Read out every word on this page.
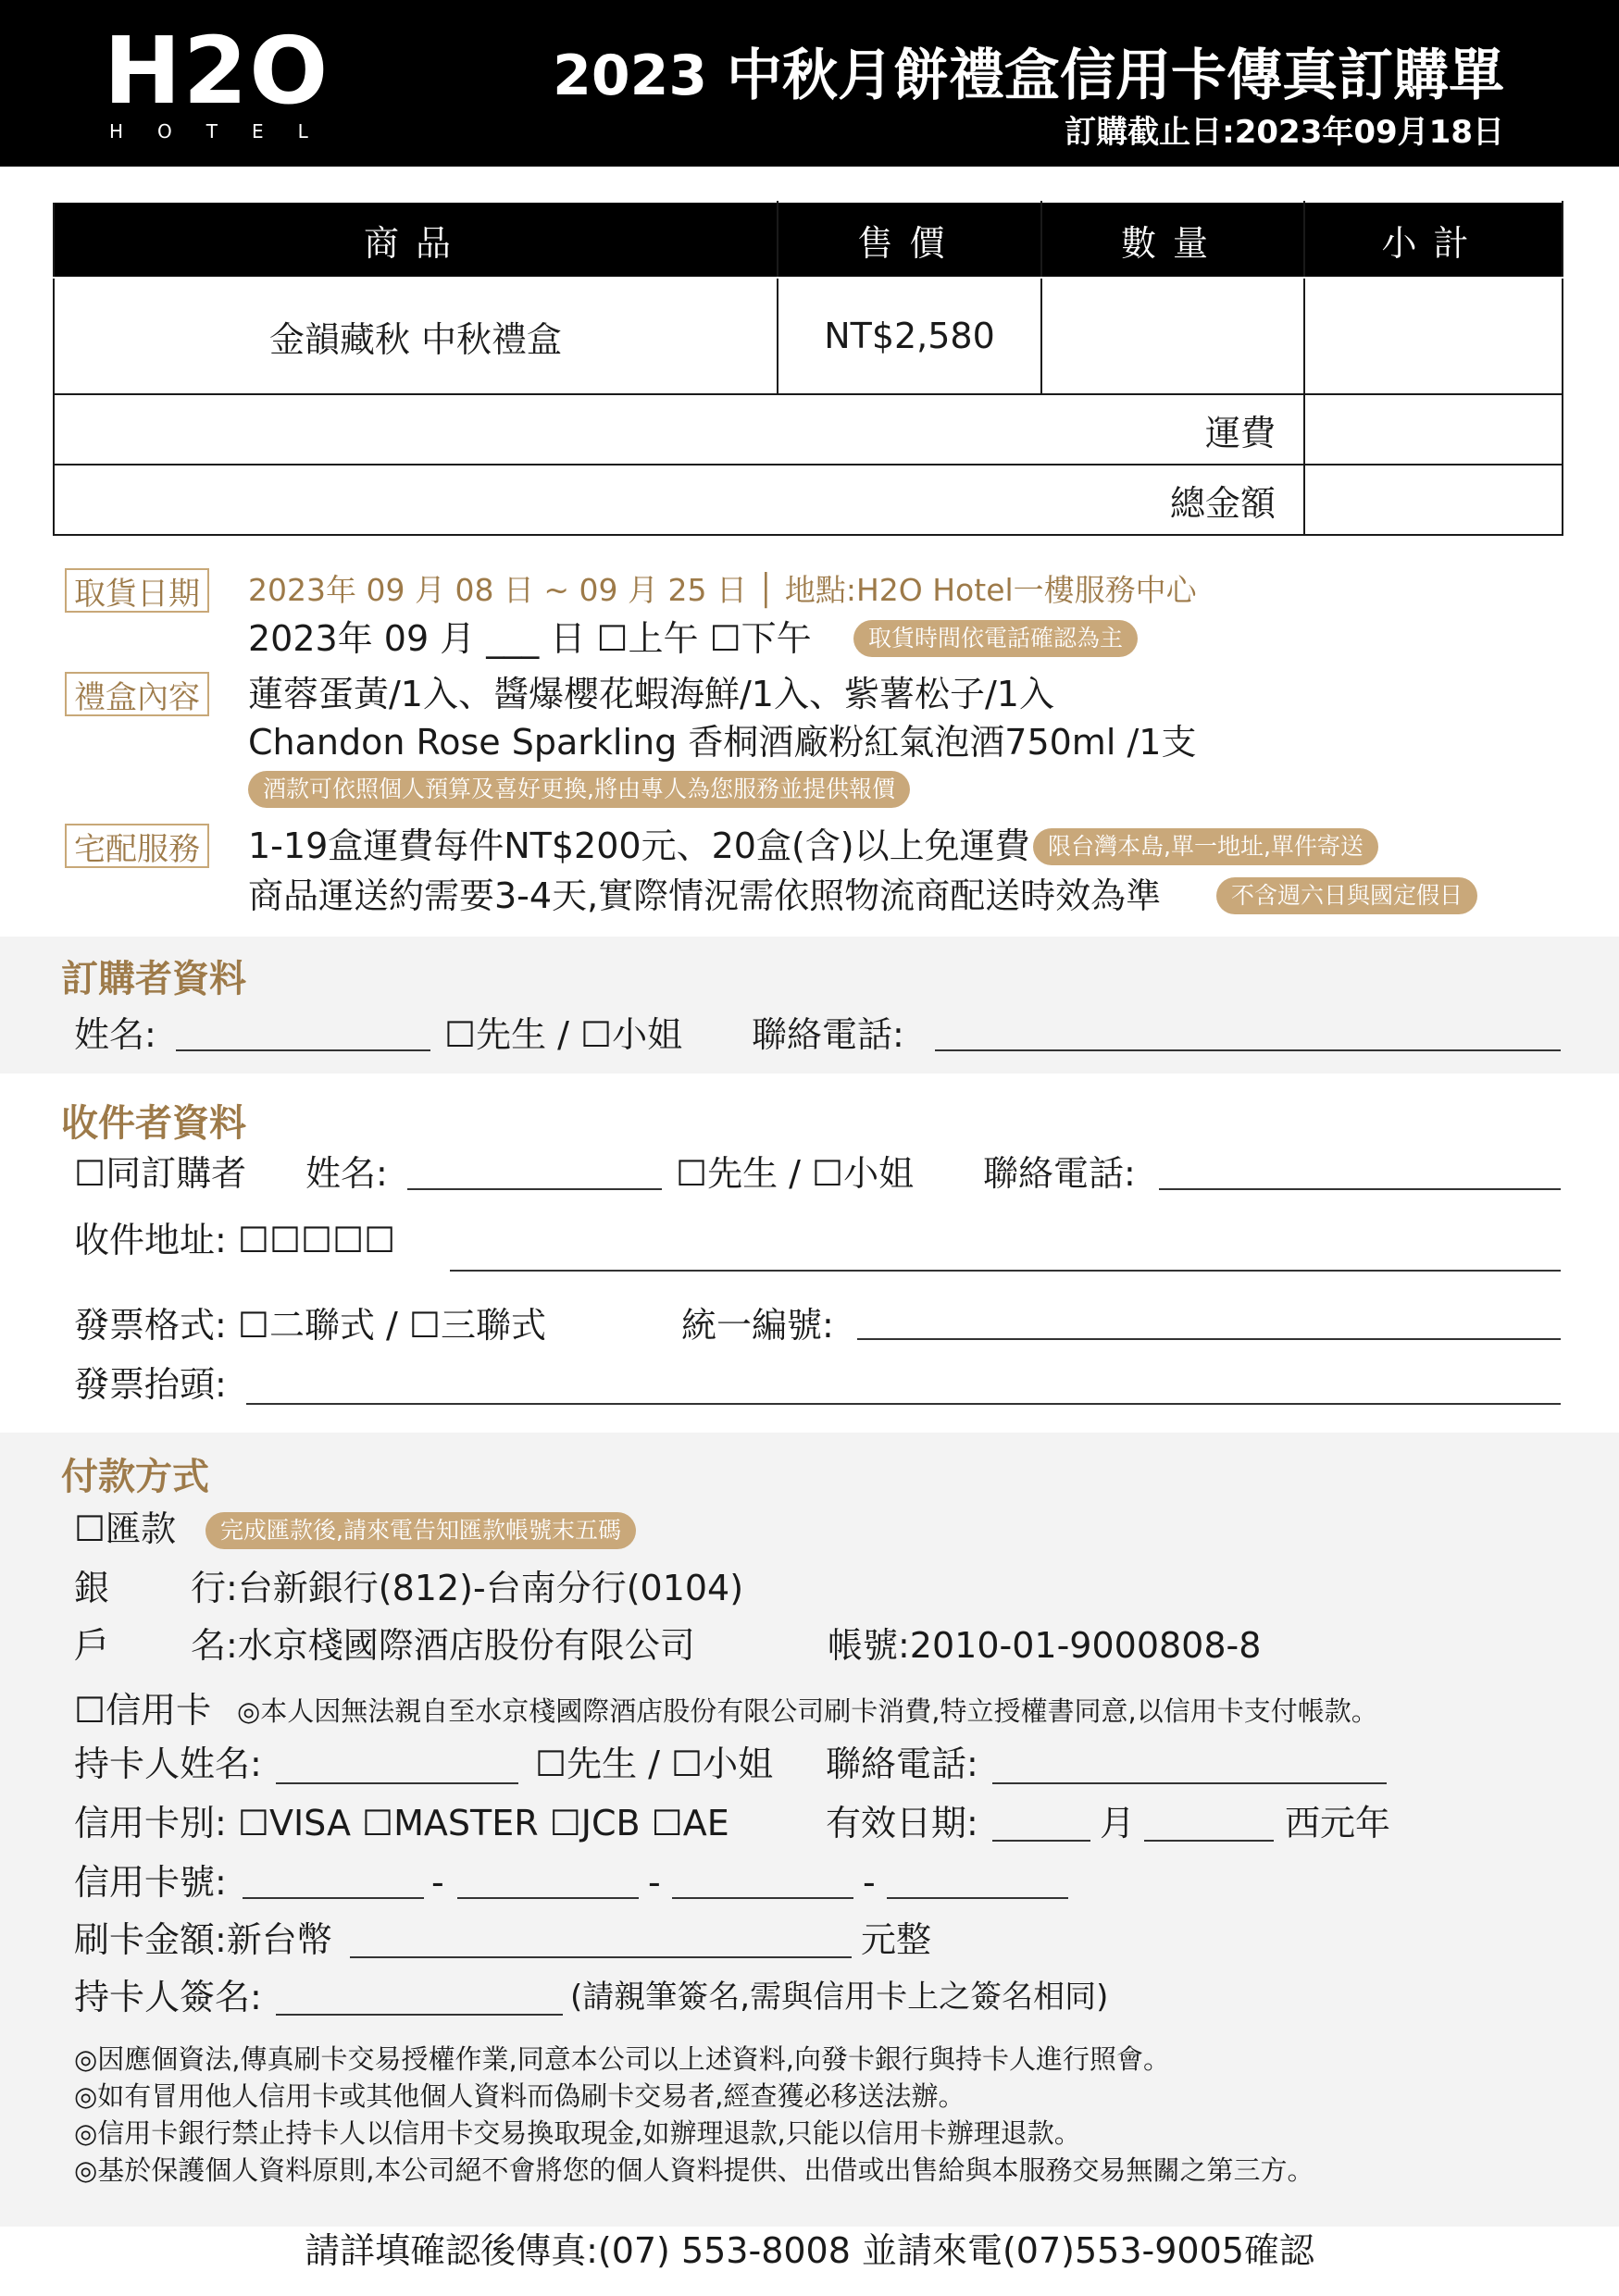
H2O
HOTEL
2023 中秋月餅禮盒信用卡傳真訂購單
訂購截止日:2023年09月18日
商品	售價	數量	小計
金韻藏秋 中秋禮盒	NT$2,580		
運費			
總金額			
取貨日期	2023年 09 月 08 日 ~ 09 月 25 日 │ 地點:H2O Hotel一樓服務中心
2023年 09 月 ___ 日 ☐上午 ☐下午	取貨時間依電話確認為主
禮盒內容 蓮蓉蛋黃/1入、醬爆櫻花蝦海鮮/1入、紫薯松子/1入
Chandon Rose Sparkling 香桐酒廠粉紅氣泡酒750ml /1支
酒款可依照個人預算及喜好更換,將由專人為您服務並提供報價
宅配服務 1-19盒運費每件NT$200元、20盒(含)以上免運費 限台灣本島,單一地址,單件寄送
商品運送約需要3-4天,實際情況需依照物流商配送時效為準	不含週六日與國定假日
訂購者資料
姓名:	☐先生 / ☐小姐 聯絡電話:
收件者資料
☐同訂購者 姓名:	☐先生 / ☐小姐 聯絡電話:
收件地址: ☐☐☐☐☐
發票格式: ☐二聯式 / ☐三聯式	統一編號:
發票抬頭:
付款方式
☐匯款	完成匯款後,請來電告知匯款帳號末五碼
銀 行:台新銀行(812)-台南分行(0104)
戶 名:水京棧國際酒店股份有限公司	帳號:2010-01-9000808-8
☐信用卡 ◎本人因無法親自至水京棧國際酒店股份有限公司刷卡消費,特立授權書同意,以信用卡支付帳款。
持卡人姓名:	☐先生 / ☐小姐 聯絡電話:
信用卡別: ☐VISA ☐MASTER ☐JCB ☐AE	有效日期:	月	西元年
信用卡號:	-	-	-
刷卡金額:新台幣	元整
持卡人簽名:	(請親筆簽名,需與信用卡上之簽名相同)
◎因應個資法,傳真刷卡交易授權作業,同意本公司以上述資料,向發卡銀行與持卡人進行照會。
◎如有冒用他人信用卡或其他個人資料而偽刷卡交易者,經查獲必移送法辦。
◎信用卡銀行禁止持卡人以信用卡交易換取現金,如辦理退款,只能以信用卡辦理退款。
◎基於保護個人資料原則,本公司絕不會將您的個人資料提供、出借或出售給與本服務交易無關之第三方。
請詳填確認後傳真:(07) 553-8008 並請來電(07)553-9005確認
